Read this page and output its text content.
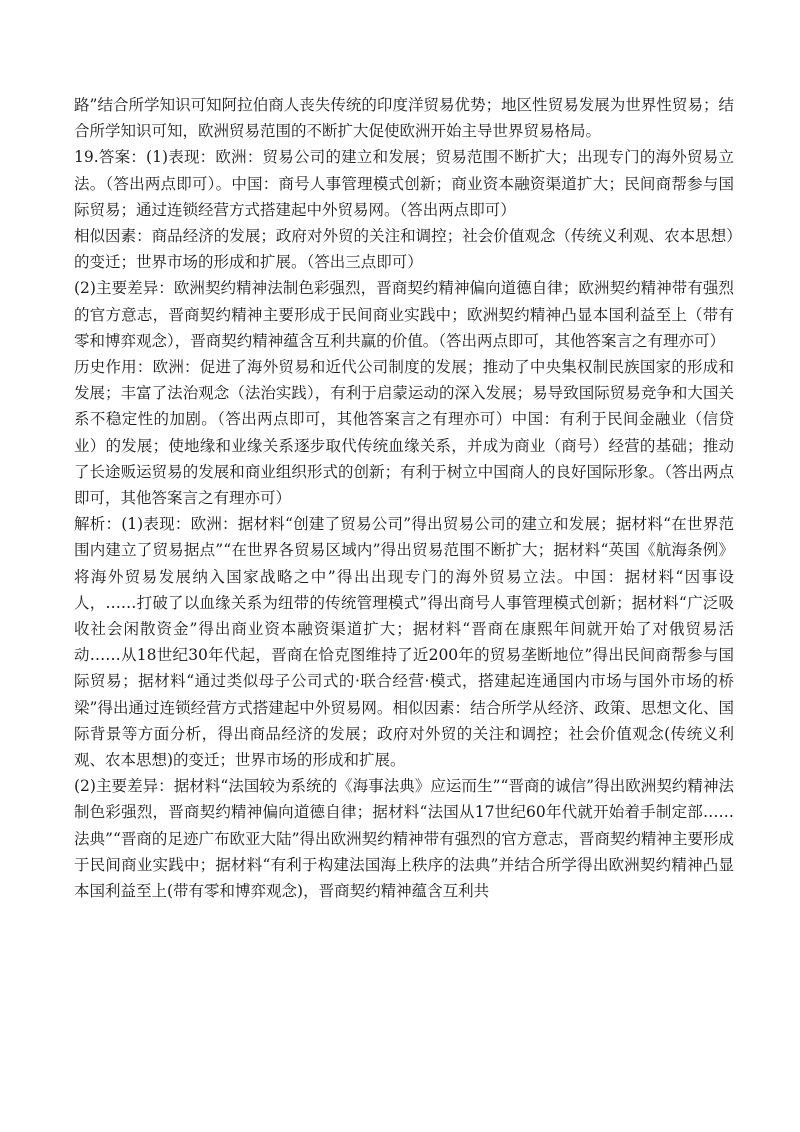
路”结合所学知识可知阿拉伯商人丧失传统的印度洋贸易优势；地区性贸易发展为世界性贸易；结合所学知识可知，欧洲贸易范围的不断扩大促使欧洲开始主导世界贸易格局。

19.答案：(1)表现：欧洲：贸易公司的建立和发展；贸易范围不断扩大；出现专门的海外贸易立法。（答出两点即可）。中国：商号人事管理模式创新；商业资本融资渠道扩大；民间商帮参与国际贸易；通过连锁经营方式搭建起中外贸易网。（答出两点即可）

相似因素：商品经济的发展；政府对外贸的关注和调控；社会价值观念（传统义利观、农本思想）的变迁；世界市场的形成和扩展。（答出三点即可）

(2)主要差异：欧洲契约精神法制色彩强烈，晋商契约精神偏向道德自律；欧洲契约精神带有强烈的官方意志，晋商契约精神主要形成于民间商业实践中；欧洲契约精神凸显本国利益至上（带有零和博弈观念），晋商契约精神蕴含互利共赢的价值。（答出两点即可，其他答案言之有理亦可）

历史作用：欧洲：促进了海外贸易和近代公司制度的发展；推动了中央集权制民族国家的形成和发展；丰富了法治观念（法治实践），有利于启蒙运动的深入发展；易导致国际贸易竞争和大国关系不稳定性的加剧。（答出两点即可，其他答案言之有理亦可）中国：有利于民间金融业（信贷业）的发展；使地缘和业缘关系逐步取代传统血缘关系，并成为商业（商号）经营的基础；推动了长途贩运贸易的发展和商业组织形式的创新；有利于树立中国商人的良好国际形象。（答出两点即可，其他答案言之有理亦可）

解析：(1)表现：欧洲：据材料“创建了贸易公司”得出贸易公司的建立和发展；据材料“在世界范围内建立了贸易据点”“在世界各贸易区域内”得出贸易范围不断扩大；据材料“英国《航海条例》将海外贸易发展纳入国家战略之中”得出出现专门的海外贸易立法。中国：据材料“因事设人，……打破了以血缘关系为纽带的传统管理模式”得出商号人事管理模式创新；据材料“广泛吸收社会闲散资金”得出商业资本融资渠道扩大；据材料“晋商在康熙年间就开始了对俄贸易活动……从18世纪30年代起，晋商在恰克图维持了近200年的贸易垄断地位”得出民间商帮参与国际贸易；据材料“通过类似母子公司式的·联合经营·模式，搭建起连通国内市场与国外市场的桥梁”得出通过连锁经营方式搭建起中外贸易网。相似因素：结合所学从经济、政策、思想文化、国际背景等方面分析，得出商品经济的发展；政府对外贸的关注和调控；社会价值观念(传统义利观、农本思想)的变迁；世界市场的形成和扩展。

(2)主要差异：据材料“法国较为系统的《海事法典》应运而生”“晋商的诚信”得出欧洲契约精神法制色彩强烈，晋商契约精神偏向道德自律；据材料“法国从17世纪60年代就开始着手制定部……法典”“晋商的足迹广布欧亚大陆”得出欧洲契约精神带有强烈的官方意志，晋商契约精神主要形成于民间商业实践中；据材料“有利于构建法国海上秩序的法典”并结合所学得出欧洲契约精神凸显本国利益至上(带有零和博弈观念)，晋商契约精神蕴含互利共
